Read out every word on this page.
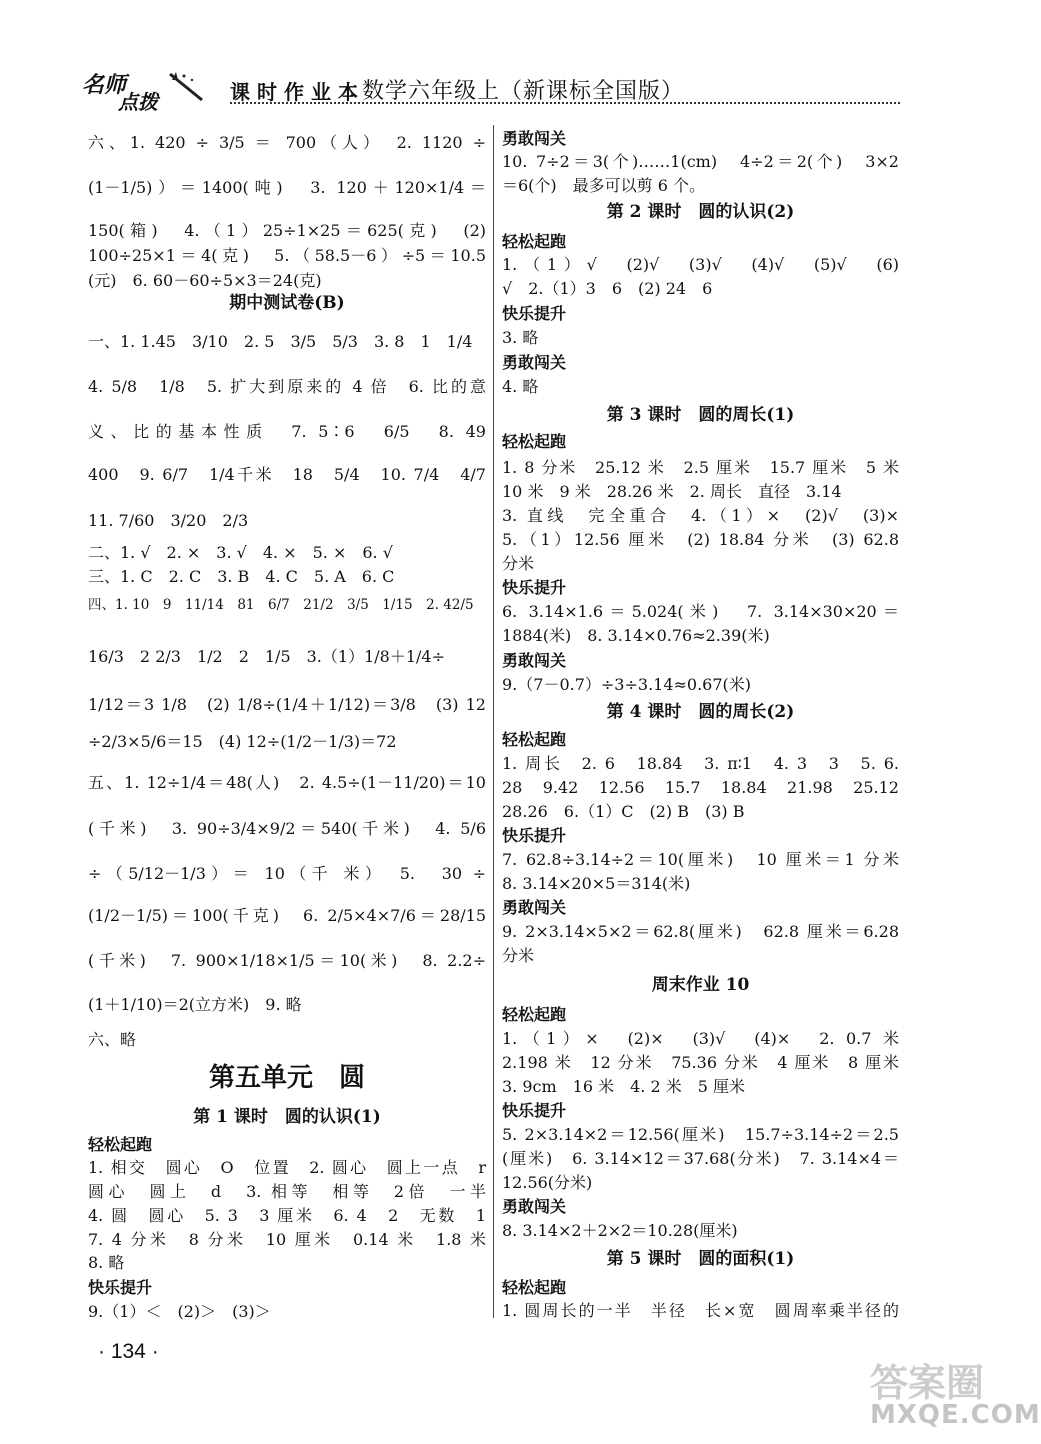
名师
点拨	课时作业本
数学六年级上（新课标全国版）
六、1. 420 ÷ 3/5 ＝ 700（人）　2. 1120 ÷
(1－1/5)）＝1400(吨)　3. 120＋120×1/4＝
150(箱)　4.（1）25÷1×25＝625(克)　(2)
100÷25×1＝4(克)　5.（58.5－6）÷5＝10.5
(元)　6. 60－60÷5×3＝24(克)
期中测试卷(B)
一、1. 1.45　3/10　2. 5　3/5　5/3　3. 8　1　1/4
4. 5/8　1/8　5. 扩大到原来的 4 倍　6. 比的意
义、比的基本性质　7. 5∶6　6/5　8. 49
400　9. 6/7　1/4千米　18　5/4　10. 7/4　4/7
11. 7/60　3/20　2/3
二、1. √　2. ×　3. √　4. ×　5. ×　6. √
三、1. C　2. C　3. B　4. C　5. A　6. C
四、1. 10　9　11/14　81　6/7　21/2　3/5　1/15　2. 42/5
16/3　2 2/3　1/2　2　1/5　3.（1）1/8＋1/4÷
1/12＝3 1/8　(2) 1/8÷(1/4＋1/12)＝3/8　(3) 12
÷2/3×5/6＝15　(4) 12÷(1/2－1/3)＝72
五、1. 12÷1/4＝48(人)　2. 4.5÷(1－11/20)＝10
(千米)　3. 90÷3/4×9/2＝540(千米)　4. 5/6
÷（5/12－1/3）＝ 10（千 米）　5.　30 ÷
(1/2－1/5)＝100(千克)　6. 2/5×4×7/6＝28/15
(千米)　7. 900×1/18×1/5＝10(米)　8. 2.2÷
(1＋1/10)＝2(立方米)　9. 略
六、略
第五单元　圆
第 1 课时　圆的认识(1)
轻松起跑
1. 相交　圆心　O　位置　2. 圆心　圆上一点　r
圆心　圆上　d　3. 相等　相等　2倍　一半
4. 圆　圆心　5. 3　3 厘米　6. 4　2　无数　1
7. 4 分米　8 分米　10 厘米　0.14 米　1.8 米
8. 略
快乐提升
9.（1）＜　(2)＞　(3)＞
勇敢闯关
10. 7÷2＝3(个)……1(cm)　4÷2＝2(个)　3×2
＝6(个)　最多可以剪 6 个。
第 2 课时　圆的认识(2)
轻松起跑
1.（1）√　(2)√　(3)√　(4)√　(5)√　(6)
√　2.（1）3　6　(2) 24　6
快乐提升
3. 略
勇敢闯关
4. 略
第 3 课时　圆的周长(1)
轻松起跑
1. 8 分米　25.12 米　2.5 厘米　15.7 厘米　5 米
10 米　9 米　28.26 米　2. 周长　直径　3.14
3. 直线　完全重合　4.（1）×　(2)√　(3)×
5.（1）12.56 厘米　(2) 18.84 分米　(3) 62.8
分米
快乐提升
6. 3.14×1.6＝5.024(米)　7. 3.14×30×20＝
1884(米)　8. 3.14×0.76≈2.39(米)
勇敢闯关
9.（7－0.7）÷3÷3.14≈0.67(米)
第 4 课时　圆的周长(2)
轻松起跑
1. 周长　2. 6　18.84　3. π∶1　4. 3　3　5. 6.
28　9.42　12.56　15.7　18.84　21.98　25.12
28.26　6.（1）C　(2) B　(3) B
快乐提升
7. 62.8÷3.14÷2＝10(厘米)　10 厘米＝1 分米
8. 3.14×20×5＝314(米)
勇敢闯关
9. 2×3.14×5×2＝62.8(厘米)　62.8 厘米＝6.28
分米
周末作业 10
轻松起跑
1.（1）×　(2)×　(3)√　(4)×　2. 0.7 米
2.198 米　12 分米　75.36 分米　4 厘米　8 厘米
3. 9cm　16 米　4. 2 米　5 厘米
快乐提升
5. 2×3.14×2＝12.56(厘米)　15.7÷3.14÷2＝2.5
(厘米)　6. 3.14×12＝37.68(分米)　7. 3.14×4＝
12.56(分米)
勇敢闯关
8. 3.14×2＋2×2＝10.28(厘米)
第 5 课时　圆的面积(1)
轻松起跑
1. 圆周长的一半　半径　长×宽　圆周率乘半径的
· 134 ·
答案圈
MXQE.COM
